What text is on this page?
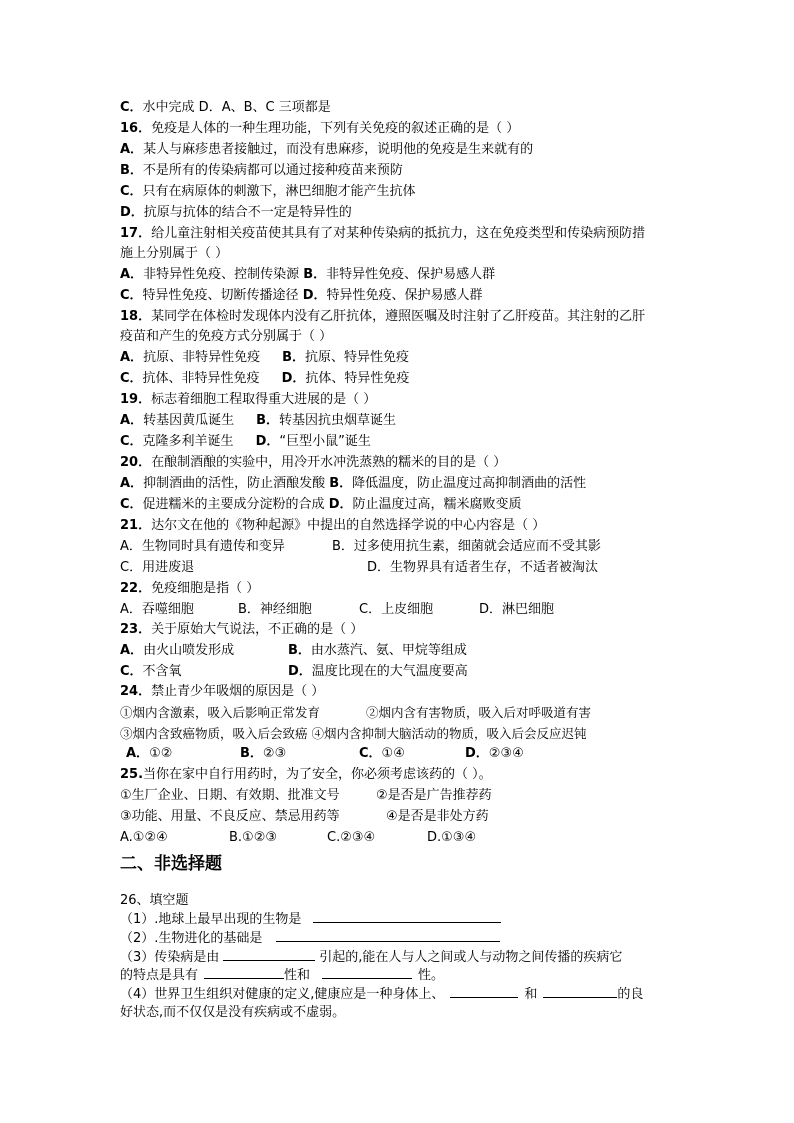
C．水中完成 D．A、B、C 三项都是
16．免疫是人体的一种生理功能，下列有关免疫的叙述正确的是（ ）
A．某人与麻疹患者接触过，而没有患麻疹，说明他的免疫是生来就有的
B．不是所有的传染病都可以通过接种疫苗来预防
C．只有在病原体的刺激下，淋巴细胞才能产生抗体
D．抗原与抗体的结合不一定是特异性的
17．给儿童注射相关疫苗使其具有了对某种传染病的抵抗力，这在免疫类型和传染病预防措
施上分别属于（ ）
A．非特异性免疫、控制传染源 B．非特异性免疫、保护易感人群
C．特异性免疫、切断传播途径 D．特异性免疫、保护易感人群
18．某同学在体检时发现体内没有乙肝抗体，遵照医嘱及时注射了乙肝疫苗。其注射的乙肝
疫苗和产生的免疫方式分别属于（ ）
A．抗原、非特异性免疫 B．抗原、特异性免疫
C．抗体、非特异性免疫 D．抗体、特异性免疫
19．标志着细胞工程取得重大进展的是（ ）
A．转基因黄瓜诞生 B．转基因抗虫烟草诞生
C．克隆多利羊诞生 D．“巨型小鼠”诞生
20．在酿制酒酿的实验中，用冷开水冲洗蒸熟的糯米的目的是（ ）
A．抑制酒曲的活性，防止酒酿发酸 B．降低温度，防止温度过高抑制酒曲的活性
C．促进糯米的主要成分淀粉的合成 D．防止温度过高，糯米腐败变质
21．达尔文在他的《物种起源》中提出的自然选择学说的中心内容是（ ）
A．生物同时具有遗传和变异	B．过多使用抗生素，细菌就会适应而不受其影
C．用进废退	D．生物界具有适者生存，不适者被淘汰
22．免疫细胞是指（ ）
A．吞噬细胞	B．神经细胞	C．上皮细胞	D．淋巴细胞
23．关于原始大气说法，不正确的是（ ）
A．由火山喷发形成	B．由水蒸汽、氨、甲烷等组成
C．不含氧	D．温度比现在的大气温度要高
24．禁止青少年吸烟的原因是（ ）
①烟内含激素，吸入后影响正常发育	②烟内含有害物质，吸入后对呼吸道有害
③烟内含致癌物质，吸入后会致癌 ④烟内含抑制大脑活动的物质，吸入后会反应迟钝
A．①②	B．②③	C．①④	D．②③④
25.当你在家中自行用药时，为了安全，你必须考虑该药的（ ）。
①生厂企业、日期、有效期、批准文号	②是否是广告推荐药
③功能、用量、不良反应、禁忌用药等	④是否是非处方药
A.①②④	B.①②③	C.②③④	D.①③④
二、非选择题
26、填空题
（1）.地球上最早出现的生物是
（2）.生物进化的基础是
（3）传染病是由	引起的,能在人与人之间或人与动物之间传播的疾病它
的特点是具有	性和	性。
（4）世界卫生组织对健康的定义,健康应是一种身体上、	和	的良
好状态,而不仅仅是没有疾病或不虚弱。
